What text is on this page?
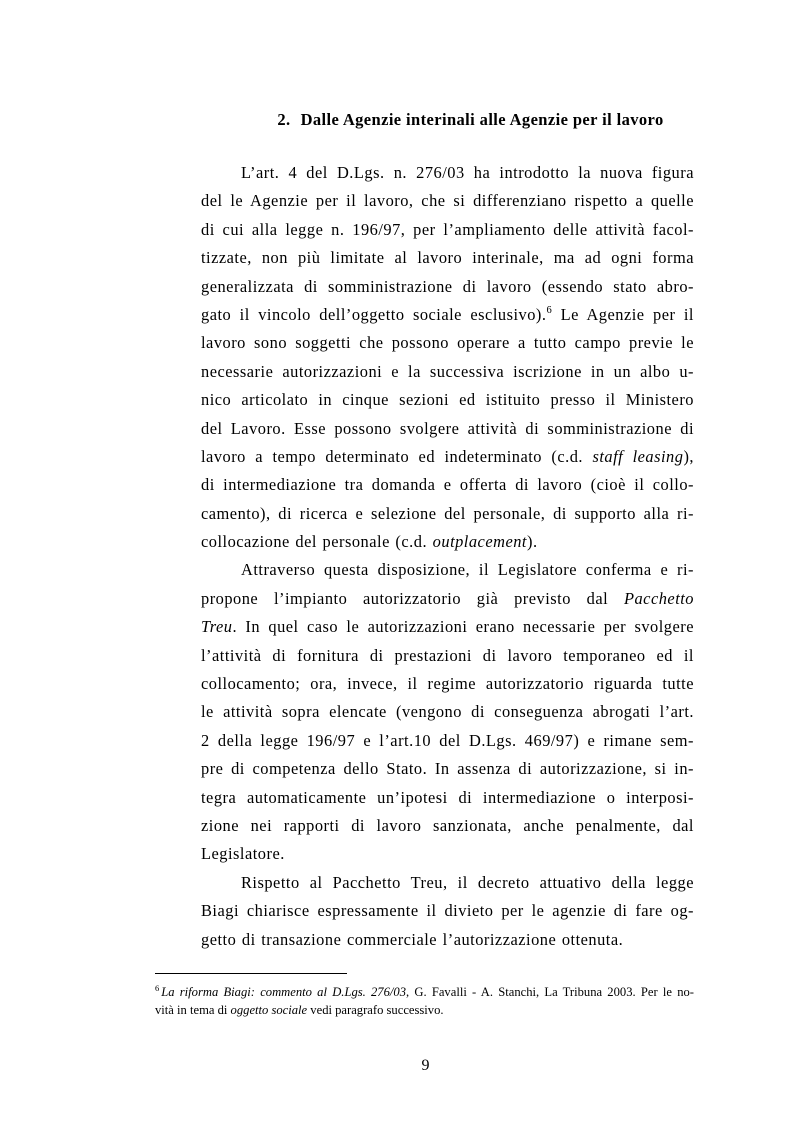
2. Dalle Agenzie interinali alle Agenzie per il lavoro
L’art. 4 del D.Lgs. n. 276/03 ha introdotto la nuova figura
del le Agenzie per il lavoro, che si differenziano rispetto a quelle
di cui alla legge n. 196/97, per l’ampliamento delle attività facol-
tizzate, non più limitate al lavoro interinale, ma ad ogni forma
generalizzata di somministrazione di lavoro (essendo stato abro-
gato il vincolo dell’oggetto sociale esclusivo).$^6$ Le Agenzie per il
lavoro sono soggetti che possono operare a tutto campo previe le
necessarie autorizzazioni e la successiva iscrizione in un albo u-
nico articolato in cinque sezioni ed istituito presso il Ministero
del Lavoro. Esse possono svolgere attività di somministrazione di
lavoro a tempo determinato ed indeterminato (c.d. staff leasing),
di intermediazione tra domanda e offerta di lavoro (cioè il collo-
camento), di ricerca e selezione del personale, di supporto alla ri-
collocazione del personale (c.d. outplacement).
Attraverso questa disposizione, il Legislatore conferma e ri-
propone l’impianto autorizzatorio già previsto dal Pacchetto
Treu. In quel caso le autorizzazioni erano necessarie per svolgere
l’attività di fornitura di prestazioni di lavoro temporaneo ed il
collocamento; ora, invece, il regime autorizzatorio riguarda tutte
le attività sopra elencate (vengono di conseguenza abrogati l’art.
2 della legge 196/97 e l’art.10 del D.Lgs. 469/97) e rimane sem-
pre di competenza dello Stato. In assenza di autorizzazione, si in-
tegra automaticamente un’ipotesi di intermediazione o interposi-
zione nei rapporti di lavoro sanzionata, anche penalmente, dal
Legislatore.
Rispetto al Pacchetto Treu, il decreto attuativo della legge
Biagi chiarisce espressamente il divieto per le agenzie di fare og-
getto di transazione commerciale l’autorizzazione ottenuta.
$^6$ La riforma Biagi: commento al D.Lgs. 276/03, G. Favalli - A. Stanchi, La Tribuna 2003. Per le no-
vità in tema di oggetto sociale vedi paragrafo successivo.
9
